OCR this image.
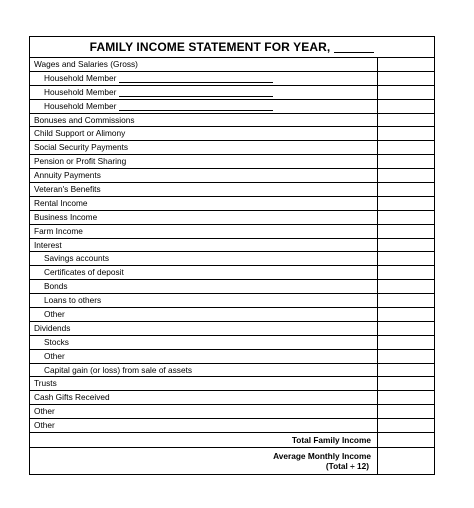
FAMILY INCOME STATEMENT FOR YEAR,
Wages and Salaries (Gross)
Household Member
Household Member
Household Member
Bonuses and Commissions
Child Support or Alimony
Social Security Payments
Pension or Profit Sharing
Annuity Payments
Veteran's Benefits
Rental Income
Business Income
Farm Income
Interest
Savings accounts
Certificates of deposit
Bonds
Loans to others
Other
Dividends
Stocks
Other
Capital gain (or loss) from sale of assets
Trusts
Cash Gifts Received
Other
Other
Total Family Income
Average Monthly Income
(Total ÷ 12)
